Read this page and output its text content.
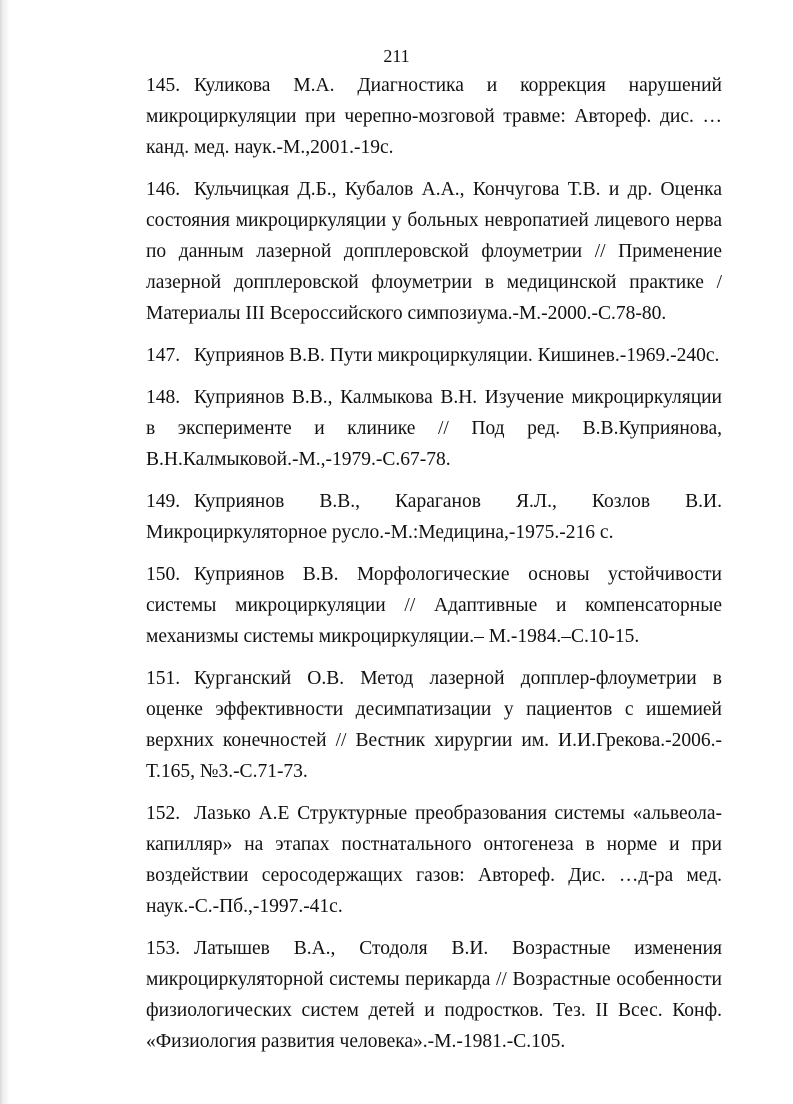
211

145. Куликова М.А. Диагностика и коррекция нарушений микроциркуляции при черепно-мозговой травме: Автореф. дис. …канд. мед. наук.-М.,2001.-19с.

146. Кульчицкая Д.Б., Кубалов А.А., Кончугова Т.В. и др. Оценка состояния микроциркуляции у больных невропатией лицевого нерва по данным лазерной допплеровской флоуметрии // Применение лазерной допплеровской флоуметрии в медицинской практике /Материалы III Всероссийского симпозиума.-М.-2000.-С.78-80.

147. Куприянов В.В. Пути микроциркуляции. Кишинев.-1969.-240с.

148. Куприянов В.В., Калмыкова В.Н. Изучение микроциркуляции в эксперименте и клинике // Под ред. В.В.Куприянова, В.Н.Калмыковой.-М.,-1979.-С.67-78.

149. Куприянов В.В., Караганов Я.Л., Козлов В.И. Микроциркуляторное русло.-М.:Медицина,-1975.-216 с.

150. Куприянов В.В. Морфологические основы устойчивости системы микроциркуляции // Адаптивные и компенсаторные механизмы системы микроциркуляции.– М.-1984.–С.10-15.

151. Курганский О.В. Метод лазерной допплер-флоуметрии в оценке эффективности десимпатизации у пациентов с ишемией верхних конечностей // Вестник хирургии им. И.И.Грекова.-2006.-Т.165, №3.-С.71-73.

152. Лазько А.Е Структурные преобразования системы «альвеола-капилляр» на этапах постнатального онтогенеза в норме и при воздействии серосодержащих газов: Автореф. Дис. …д-ра мед. наук.-С.-Пб.,-1997.-41с.

153. Латышев В.А., Стодоля В.И. Возрастные изменения микроциркуляторной системы перикарда // Возрастные особенности физиологических систем детей и подростков. Тез. II Всес. Конф. «Физиология развития человека».-М.-1981.-С.105.
